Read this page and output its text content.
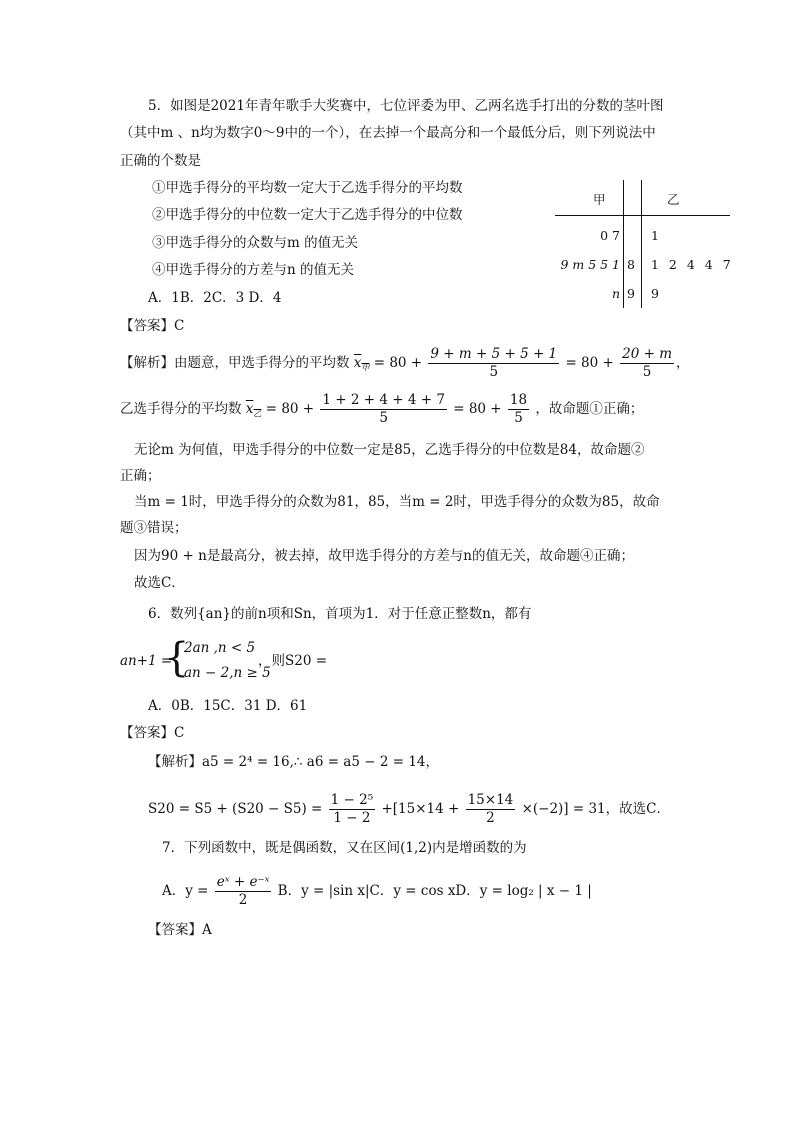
5．如图是2021年青年歌手大奖赛中，七位评委为甲、乙两名选手打出的分数的茎叶图
（其中m 、n均为数字0～9中的一个），在去掉一个最高分和一个最低分后，则下列说法中
正确的个数是
①甲选手得分的平均数一定大于乙选手得分的平均数
②甲选手得分的中位数一定大于乙选手得分的中位数
③甲选手得分的众数与m 的值无关
④甲选手得分的方差与n 的值无关
A．1B．2C．3 D．4
甲	乙
0 7 1
9 m 5 5 1 8 1 2 4 4 7
n 9 9
【答案】C
【解析】由题意，甲选手得分的平均数 $x_甲 = 80 + \frac{9 + m + 5 + 5 + 1}{5} = 80 + \frac{20 + m}{5}$ ，
乙选手得分的平均数 $x_乙 = 80 + \frac{1 + 2 + 4 + 4 + 7}{5} = 80 + \frac{18}{5}$ ，故命题①正确；
无论m 为何值，甲选手得分的中位数一定是85，乙选手得分的中位数是84，故命题②
正确；
当m = 1时，甲选手得分的众数为81，85，当m = 2时，甲选手得分的众数为85，故命
题③错误；
因为90 + n是最高分，被去掉，故甲选手得分的方差与n的值无关，故命题④正确；
故选C．
6．数列{an}的前n项和Sn，首项为1．对于任意正整数n，都有
an+1 =
{
2an ,n < 5
an − 2,n ≥ 5
，则S20 =
A．0B．15C．31 D．61
【答案】C
【解析】a5 = 2⁴ = 16,∴ a6 = a5 − 2 = 14，
$S20 = S5 + (S20 - S5) = \frac{\text{1 − 2⁵}}{1 - 2} +[15\times 14 + \frac{15\times 14}{2} \times(-2)] = 31$，故选C．
7．下列函数中，既是偶函数，又在区间(1,2)内是增函数的为
A．$y = \frac{\text{eˣ + e⁻ˣ}}{2}$ B．y = |sin x|C．y = cos xD．y = log₂ | x − 1 |
【答案】A
